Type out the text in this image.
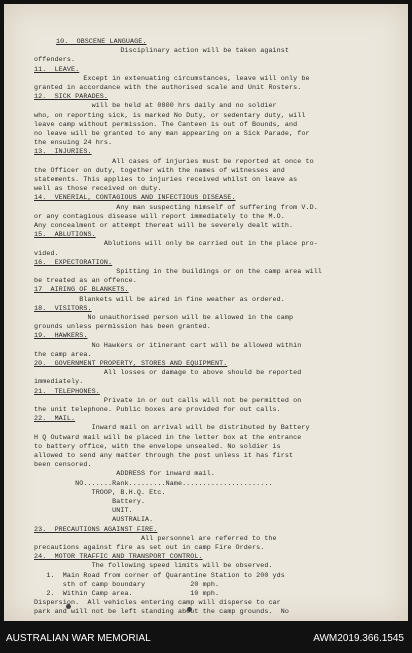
10.  OBSCENE LANGUAGE.
Disciplinary action will be taken against
offenders.
11.  LEAVE.
Except in extenuating circumstances, leave will only be
granted in accordance with the authorised scale and Unit Rosters.
12.  SICK PARADES.
will be held at 0800 hrs daily and no soldier
who, on reporting sick, is marked No Duty, or sedentary duty, will
leave camp without permission. The Canteen is out of Bounds, and
no leave will be granted to any man appearing on a Sick Parade, for
the ensuing 24 hrs.
13.  INJURIES.
All cases of injuries must be reported at once to
the Officer on duty, together with the names of witnesses and
statements. This applies to injuries received whilst on leave as
well as those received on duty.
14.  VENERIAL, CONTAGIOUS AND INFECTIOUS DISEASE.
Any man suspecting himself of suffering from V.D.
or any contagious disease will report immediately to the M.O.
Any concealment or attempt thereat will be severely dealt with.
15.  ABLUTIONS.
Ablutions will only be carried out in the place pro-
vided.
16.  EXPECTORATION.
Spitting in the buildings or on the camp area will
be treated as an offence.
17  AIRING OF BLANKETS.
Blankets will be aired in fine weather as ordered.
18.  VISITORS.
No unauthorised person will be allowed in the camp
grounds unless permission has been granted.
19.  HAWKERS.
No Hawkers or itinerant cart will be allowed within
the camp area.
20.  GOVERNMENT PROPERTY, STORES AND EQUIPMENT.
All losses or damage to above should be reported
immediately.
21.  TELEPHONES.
Private in or out calls will not be permitted on
the unit telephone. Public boxes are provided for out calls.
22.  MAIL.
Inward mail on arrival will be distributed by Battery
H Q Outward mail will be placed in the letter box at the entrance
to battery office, with the envelope unsealed. No soldier is
allowed to send any matter through the post unless it has first
been censored.
ADDRESS for inward mail.
NO.......Rank.........Name......................
TROOP, B.H.Q. Etc.
Battery.
UNIT.
AUSTRALIA.
23.  PRECAUTIONS AGAINST FIRE.
All personnel are referred to the
precautions against fire as set out in camp Fire Orders.
24.  MOTOR TRAFFIC AND TRANSPORT CONTROL.
The following speed limits will be observed.
1.  Main Road from corner of Quarantine Station to 200 yds
sth of camp boundary           20 mph.
2.  Within Camp area.              10 mph.
Dispersion.  All vehicles entering camp will disperse to car
park and will not be left standing about the camp grounds.  No
AUSTRALIAN WAR MEMORIAL	AWM2019.366.1545
